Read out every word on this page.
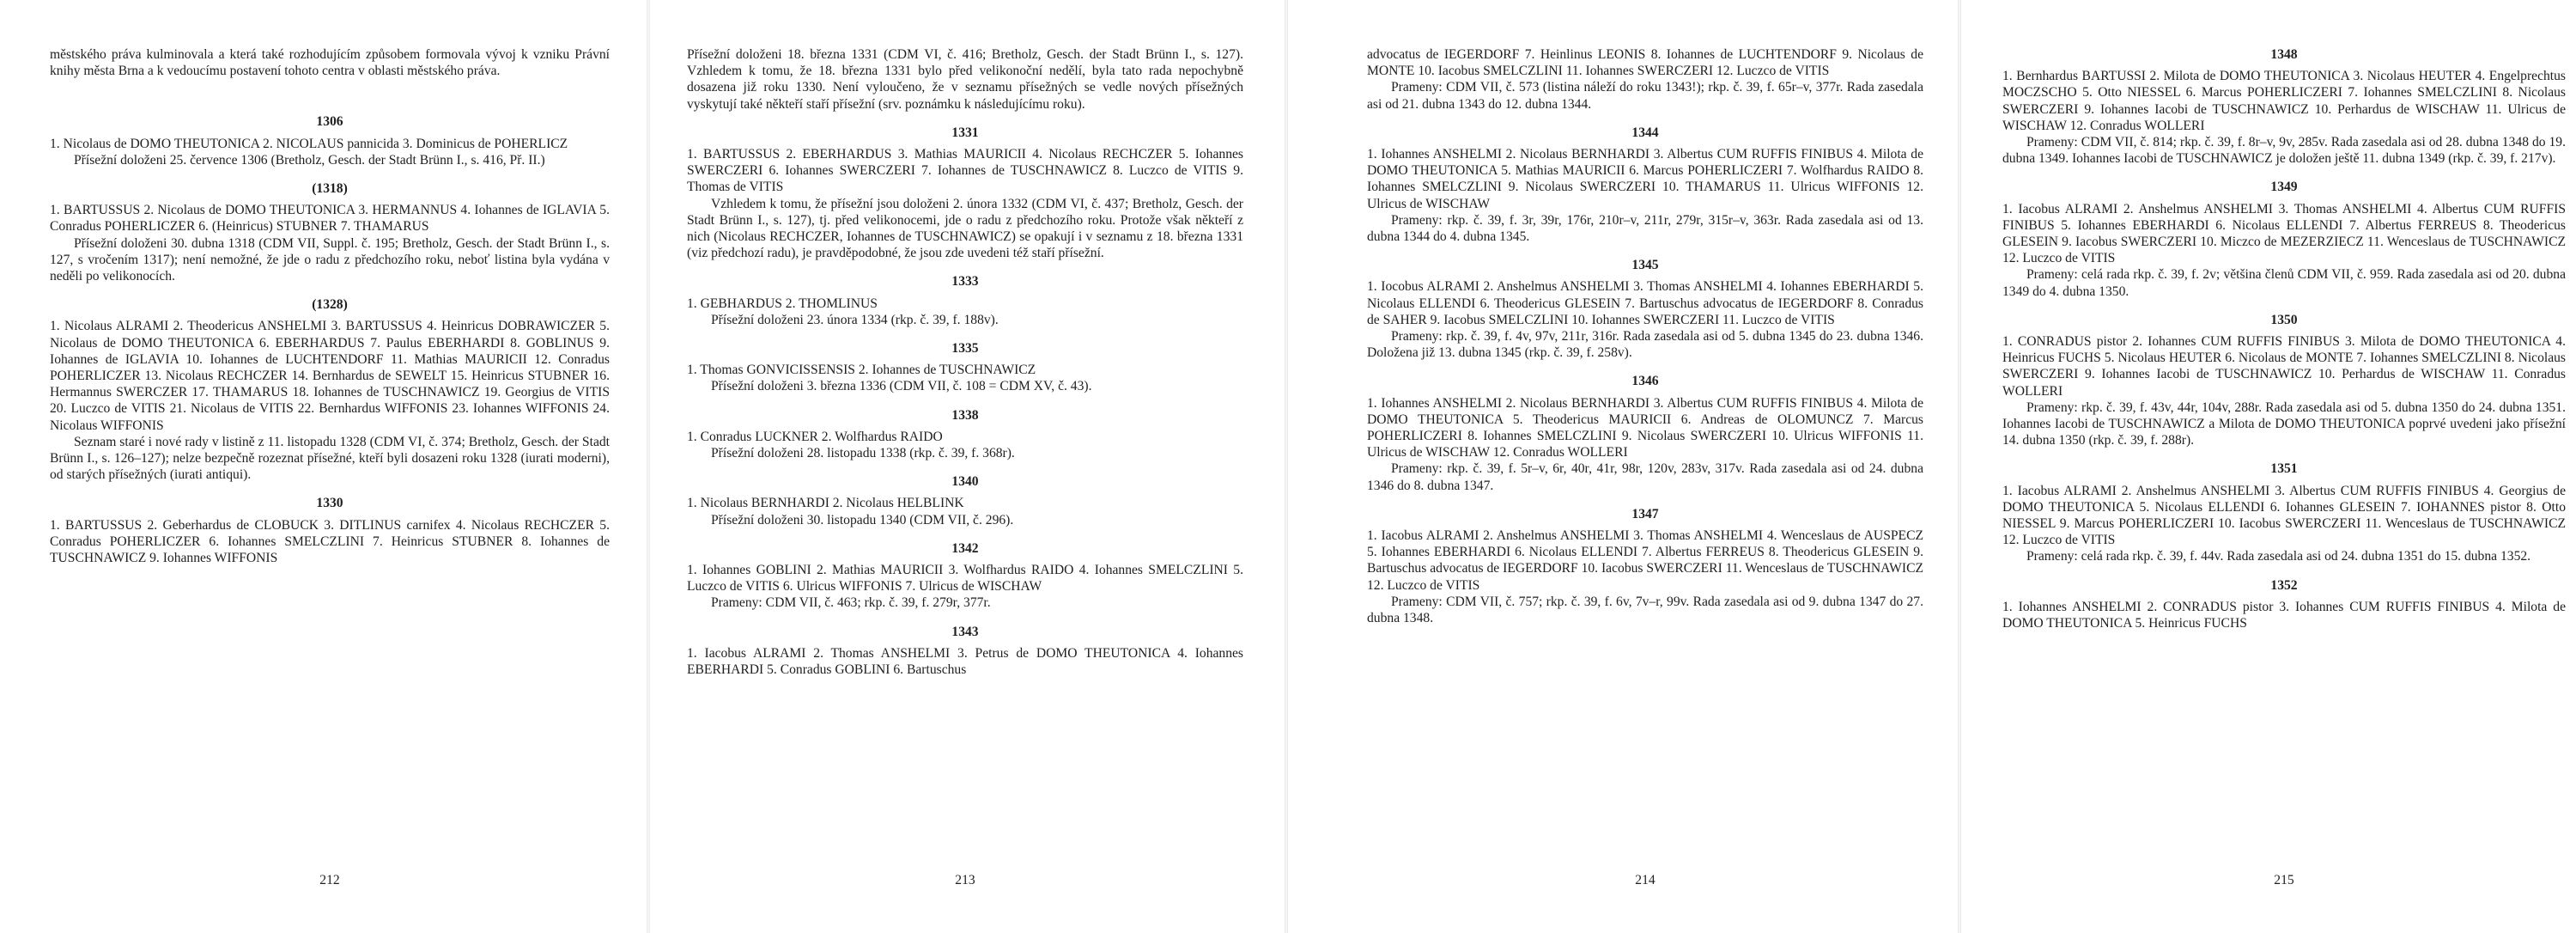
městského práva kulminovala a která také rozhodujícím způsobem formovala vývoj k vzniku Právní knihy města Brna a k vedoucímu postavení tohoto centra v oblasti městského práva.

1306

1. Nicolaus de DOMO THEUTONICA 2. NICOLAUS pannicida 3. Dominicus de POHERLICZ

Přísežní doloženi 25. července 1306 (Bretholz, Gesch. der Stadt Brünn I., s. 416, Př. II.)

(1318)

1. BARTUSSUS 2. Nicolaus de DOMO THEUTONICA 3. HERMANNUS 4. Iohannes de IGLAVIA 5. Conradus POHERLICZER 6. (Heinricus) STUBNER 7. THAMARUS

Přísežní doloženi 30. dubna 1318 (CDM VII, Suppl. č. 195; Bretholz, Gesch. der Stadt Brünn I., s. 127, s vročením 1317); není nemožné, že jde o radu z předchozího roku, neboť listina byla vydána v neděli po velikonocích.

(1328)

1. Nicolaus ALRAMI 2. Theodericus ANSHELMI 3. BARTUSSUS 4. Heinricus DOBRAWICZER 5. Nicolaus de DOMO THEUTONICA 6. EBERHARDUS 7. Paulus EBERHARDI 8. GOBLINUS 9. Iohannes de IGLAVIA 10. Iohannes de LUCHTENDORF 11. Mathias MAURICII 12. Conradus POHERLICZER 13. Nicolaus RECHCZER 14. Bernhardus de SEWELT 15. Heinricus STUBNER 16. Hermannus SWERCZER 17. THAMARUS 18. Iohannes de TUSCHNAWICZ 19. Georgius de VITIS 20. Luczco de VITIS 21. Nicolaus de VITIS 22. Bernhardus WIFFONIS 23. Iohannes WIFFONIS 24. Nicolaus WIFFONIS

Seznam staré i nové rady v listině z 11. listopadu 1328 (CDM VI, č. 374; Bretholz, Gesch. der Stadt Brünn I., s. 126–127); nelze bezpečně rozeznat přísežné, kteří byli dosazeni roku 1328 (iurati moderni), od starých přísežných (iurati antiqui).

1330

1. BARTUSSUS 2. Geberhardus de CLOBUCK 3. DITLINUS carnifex 4. Nicolaus RECHCZER 5. Conradus POHERLICZER 6. Iohannes SMELCZLINI 7. Heinricus STUBNER 8. Iohannes de TUSCHNAWICZ 9. Iohannes WIFFONIS

212

Přísežní doloženi 18. března 1331 (CDM VI, č. 416; Bretholz, Gesch. der Stadt Brünn I., s. 127). Vzhledem k tomu, že 18. března 1331 bylo před velikonoční nedělí, byla tato rada nepochybně dosazena již roku 1330. Není vyloučeno, že v seznamu přísežných se vedle nových přísežných vyskytují také někteří staří přísežní (srv. poznámku k následujícímu roku).

1331

1. BARTUSSUS 2. EBERHARDUS 3. Mathias MAURICII 4. Nicolaus RECHCZER 5. Iohannes SWERCZERI 6. Iohannes SWERCZERI 7. Iohannes de TUSCHNAWICZ 8. Luczco de VITIS 9. Thomas de VITIS

Vzhledem k tomu, že přísežní jsou doloženi 2. února 1332 (CDM VI, č. 437; Bretholz, Gesch. der Stadt Brünn I., s. 127), tj. před velikonocemi, jde o radu z předchozího roku. Protože však někteří z nich (Nicolaus RECHCZER, Iohannes de TUSCHNAWICZ) se opakují i v seznamu z 18. března 1331 (viz předchozí radu), je pravděpodobné, že jsou zde uvedeni též staří přísežní.

1333

1. GEBHARDUS 2. THOMLINUS

Přísežní doloženi 23. února 1334 (rkp. č. 39, f. 188v).

1335

1. Thomas GONVICISSENSIS 2. Iohannes de TUSCHNAWICZ

Přísežní doloženi 3. března 1336 (CDM VII, č. 108 = CDM XV, č. 43).

1338

1. Conradus LUCKNER 2. Wolfhardus RAIDO

Přísežní doloženi 28. listopadu 1338 (rkp. č. 39, f. 368r).

1340

1. Nicolaus BERNHARDI 2. Nicolaus HELBLINK

Přísežní doloženi 30. listopadu 1340 (CDM VII, č. 296).

1342

1. Iohannes GOBLINI 2. Mathias MAURICII 3. Wolfhardus RAIDO 4. Iohannes SMELCZLINI 5. Luczco de VITIS 6. Ulricus WIFFONIS 7. Ulricus de WISCHAW

Prameny: CDM VII, č. 463; rkp. č. 39, f. 279r, 377r.

1343

1. Iacobus ALRAMI 2. Thomas ANSHELMI 3. Petrus de DOMO THEUTONICA 4. Iohannes EBERHARDI 5. Conradus GOBLINI 6. Bartuschus

213

advocatus de IEGERDORF 7. Heinlinus LEONIS 8. Iohannes de LUCHTENDORF 9. Nicolaus de MONTE 10. Iacobus SMELCZLINI 11. Iohannes SWERCZERI 12. Luczco de VITIS

Prameny: CDM VII, č. 573 (listina náleží do roku 1343!); rkp. č. 39, f. 65r–v, 377r. Rada zasedala asi od 21. dubna 1343 do 12. dubna 1344.

1344

1. Iohannes ANSHELMI 2. Nicolaus BERNHARDI 3. Albertus CUM RUFFIS FINIBUS 4. Milota de DOMO THEUTONICA 5. Mathias MAURICII 6. Marcus POHERLICZERI 7. Wolfhardus RAIDO 8. Iohannes SMELCZLINI 9. Nicolaus SWERCZERI 10. THAMARUS 11. Ulricus WIFFONIS 12. Ulricus de WISCHAW

Prameny: rkp. č. 39, f. 3r, 39r, 176r, 210r–v, 211r, 279r, 315r–v, 363r. Rada zasedala asi od 13. dubna 1344 do 4. dubna 1345.

1345

1. Iocobus ALRAMI 2. Anshelmus ANSHELMI 3. Thomas ANSHELMI 4. Iohannes EBERHARDI 5. Nicolaus ELLENDI 6. Theodericus GLESEIN 7. Bartuschus advocatus de IEGERDORF 8. Conradus de SAHER 9. Iacobus SMELCZLINI 10. Iohannes SWERCZERI 11. Luczco de VITIS

Prameny: rkp. č. 39, f. 4v, 97v, 211r, 316r. Rada zasedala asi od 5. dubna 1345 do 23. dubna 1346. Doložena již 13. dubna 1345 (rkp. č. 39, f. 258v).

1346

1. Iohannes ANSHELMI 2. Nicolaus BERNHARDI 3. Albertus CUM RUFFIS FINIBUS 4. Milota de DOMO THEUTONICA 5. Theodericus MAURICII 6. Andreas de OLOMUNCZ 7. Marcus POHERLICZERI 8. Iohannes SMELCZLINI 9. Nicolaus SWERCZERI 10. Ulricus WIFFONIS 11. Ulricus de WISCHAW 12. Conradus WOLLERI

Prameny: rkp. č. 39, f. 5r–v, 6r, 40r, 41r, 98r, 120v, 283v, 317v. Rada zasedala asi od 24. dubna 1346 do 8. dubna 1347.

1347

1. Iacobus ALRAMI 2. Anshelmus ANSHELMI 3. Thomas ANSHELMI 4. Wenceslaus de AUSPECZ 5. Iohannes EBERHARDI 6. Nicolaus ELLENDI 7. Albertus FERREUS 8. Theodericus GLESEIN 9. Bartuschus advocatus de IEGERDORF 10. Iacobus SWERCZERI 11. Wenceslaus de TUSCHNAWICZ 12. Luczco de VITIS

Prameny: CDM VII, č. 757; rkp. č. 39, f. 6v, 7v–r, 99v. Rada zasedala asi od 9. dubna 1347 do 27. dubna 1348.

214
1348

1. Bernhardus BARTUSSI 2. Milota de DOMO THEUTONICA 3. Nicolaus HEUTER 4. Engelprechtus MOCZSCHO 5. Otto NIESSEL 6. Marcus POHERLICZERI 7. Iohannes SMELCZLINI 8. Nicolaus SWERCZERI 9. Iohannes Iacobi de TUSCHNAWICZ 10. Perhardus de WISCHAW 11. Ulricus de WISCHAW 12. Conradus WOLLERI

Prameny: CDM VII, č. 814; rkp. č. 39, f. 8r–v, 9v, 285v. Rada zasedala asi od 28. dubna 1348 do 19. dubna 1349. Iohannes Iacobi de TUSCHNAWICZ je doložen ještě 11. dubna 1349 (rkp. č. 39, f. 217v).

1349

1. Iacobus ALRAMI 2. Anshelmus ANSHELMI 3. Thomas ANSHELMI 4. Albertus CUM RUFFIS FINIBUS 5. Iohannes EBERHARDI 6. Nicolaus ELLENDI 7. Albertus FERREUS 8. Theodericus GLESEIN 9. Iacobus SWERCZERI 10. Miczco de MEZERZIECZ 11. Wenceslaus de TUSCHNAWICZ 12. Luczco de VITIS

Prameny: celá rada rkp. č. 39, f. 2v; většina členů CDM VII, č. 959. Rada zasedala asi od 20. dubna 1349 do 4. dubna 1350.

1350

1. CONRADUS pistor 2. Iohannes CUM RUFFIS FINIBUS 3. Milota de DOMO THEUTONICA 4. Heinricus FUCHS 5. Nicolaus HEUTER 6. Nicolaus de MONTE 7. Iohannes SMELCZLINI 8. Nicolaus SWERCZERI 9. Iohannes Iacobi de TUSCHNAWICZ 10. Perhardus de WISCHAW 11. Conradus WOLLERI

Prameny: rkp. č. 39, f. 43v, 44r, 104v, 288r. Rada zasedala asi od 5. dubna 1350 do 24. dubna 1351. Iohannes Iacobi de TUSCHNAWICZ a Milota de DOMO THEUTONICA poprvé uvedeni jako přísežní 14. dubna 1350 (rkp. č. 39, f. 288r).

1351

1. Iacobus ALRAMI 2. Anshelmus ANSHELMI 3. Albertus CUM RUFFIS FINIBUS 4. Georgius de DOMO THEUTONICA 5. Nicolaus ELLENDI 6. Iohannes GLESEIN 7. IOHANNES pistor 8. Otto NIESSEL 9. Marcus POHERLICZERI 10. Iacobus SWERCZERI 11. Wenceslaus de TUSCHNAWICZ 12. Luczco de VITIS

Prameny: celá rada rkp. č. 39, f. 44v. Rada zasedala asi od 24. dubna 1351 do 15. dubna 1352.

1352

1. Iohannes ANSHELMI 2. CONRADUS pistor 3. Iohannes CUM RUFFIS FINIBUS 4. Milota de DOMO THEUTONICA 5. Heinricus FUCHS

215
